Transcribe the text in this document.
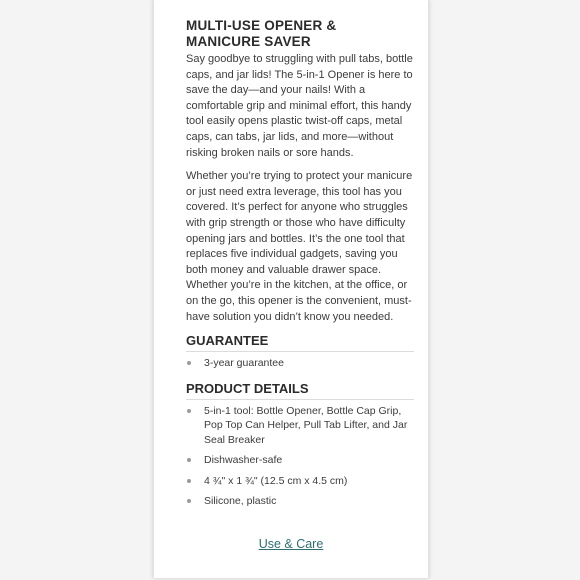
MULTI-USE OPENER & MANICURE SAVER

Say goodbye to struggling with pull tabs, bottle caps, and jar lids! The 5-in-1 Opener is here to save the day—and your nails! With a comfortable grip and minimal effort, this handy tool easily opens plastic twist-off caps, metal caps, can tabs, jar lids, and more—without risking broken nails or sore hands.

Whether you’re trying to protect your manicure or just need extra leverage, this tool has you covered. It’s perfect for anyone who struggles with grip strength or those who have difficulty opening jars and bottles. It’s the one tool that replaces five individual gadgets, saving you both money and valuable drawer space. Whether you’re in the kitchen, at the office, or on the go, this opener is the convenient, must-have solution you didn’t know you needed.

GUARANTEE
3-year guarantee
PRODUCT DETAILS
5-in-1 tool: Bottle Opener, Bottle Cap Grip, Pop Top Can Helper, Pull Tab Lifter, and Jar Seal Breaker
Dishwasher-safe
4 ¾" x 1 ¾" (12.5 cm x 4.5 cm)
Silicone, plastic
Use & Care
